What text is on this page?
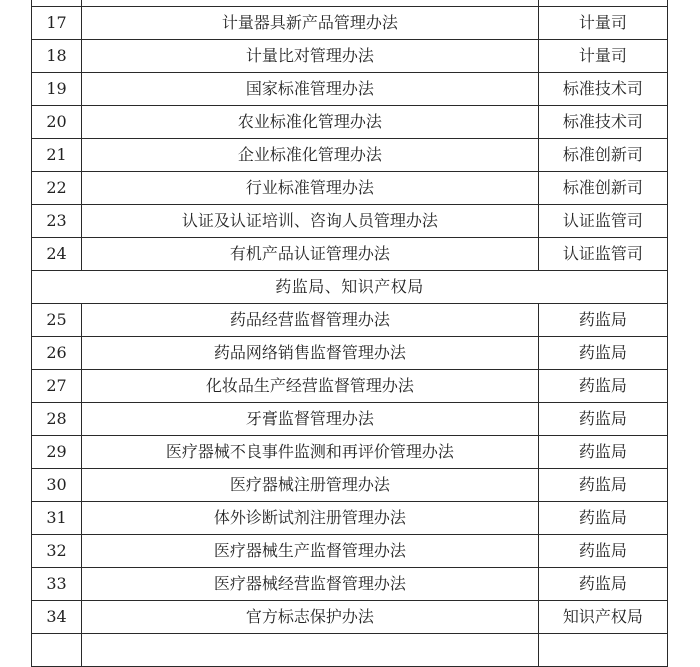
17	计量器具新产品管理办法	计量司
18	计量比对管理办法	计量司
19	国家标准管理办法	标准技术司
20	农业标准化管理办法	标准技术司
21	企业标准化管理办法	标准创新司
22	行业标准管理办法	标准创新司
23	认证及认证培训、咨询人员管理办法	认证监管司
24	有机产品认证管理办法	认证监管司
药监局、知识产权局		
25	药品经营监督管理办法	药监局
26	药品网络销售监督管理办法	药监局
27	化妆品生产经营监督管理办法	药监局
28	牙膏监督管理办法	药监局
29	医疗器械不良事件监测和再评价管理办法	药监局
30	医疗器械注册管理办法	药监局
31	体外诊断试剂注册管理办法	药监局
32	医疗器械生产监督管理办法	药监局
33	医疗器械经营监督管理办法	药监局
34	官方标志保护办法	知识产权局
